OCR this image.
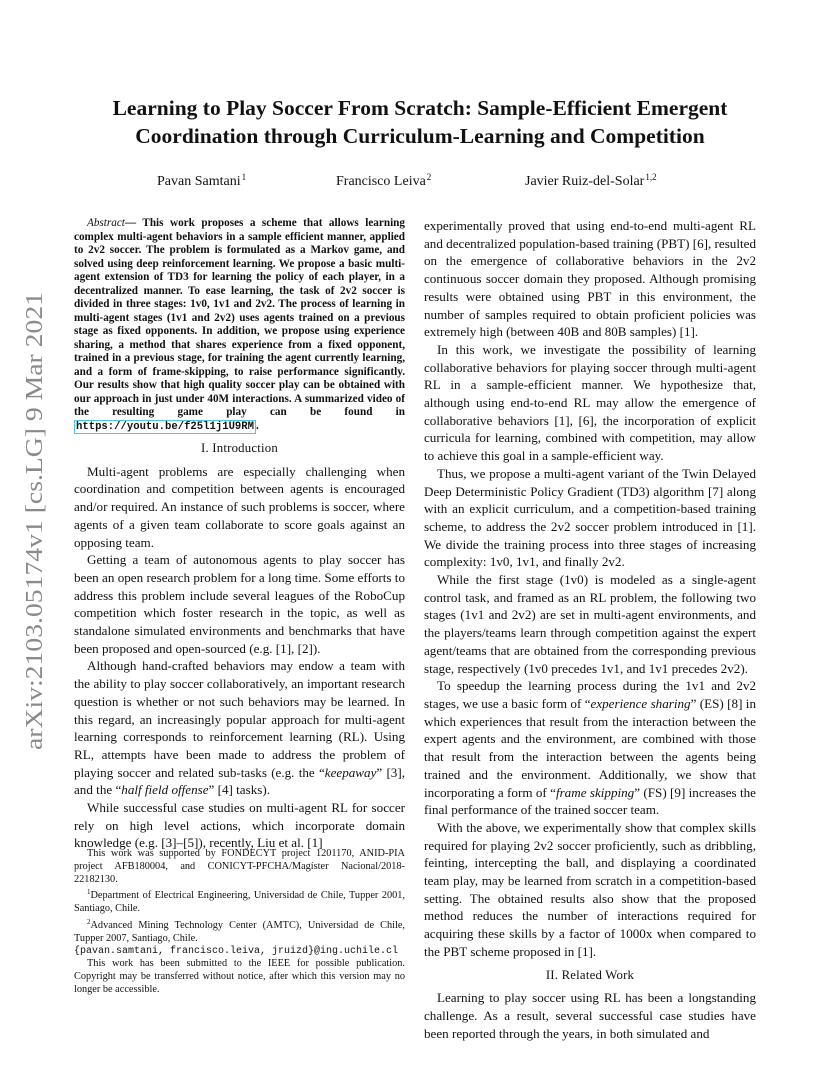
arXiv:2103.05174v1 [cs.LG] 9 Mar 2021
Learning to Play Soccer From Scratch: Sample-Efficient Emergent Coordination through Curriculum-Learning and Competition
Pavan Samtani$^1$	Francisco Leiva$^2$	Javier Ruiz-del-Solar$^{1,2}$

Abstract— This work proposes a scheme that allows learning complex multi-agent behaviors in a sample efficient manner, applied to 2v2 soccer. The problem is formulated as a Markov game, and solved using deep reinforcement learning. We propose a basic multi-agent extension of TD3 for learning the policy of each player, in a decentralized manner. To ease learning, the task of 2v2 soccer is divided in three stages: 1v0, 1v1 and 2v2. The process of learning in multi-agent stages (1v1 and 2v2) uses agents trained on a previous stage as fixed opponents. In addition, we propose using experience sharing, a method that shares experience from a fixed opponent, trained in a previous stage, for training the agent currently learning, and a form of frame-skipping, to raise performance significantly. Our results show that high quality soccer play can be obtained with our approach in just under 40M interactions. A summarized video of the resulting game play can be found in https://youtu.be/f25l1j1U9RM .

I. Introduction

Multi-agent problems are especially challenging when coordination and competition between agents is encouraged and/or required. An instance of such problems is soccer, where agents of a given team collaborate to score goals against an opposing team.

Getting a team of autonomous agents to play soccer has been an open research problem for a long time. Some efforts to address this problem include several leagues of the RoboCup competition which foster research in the topic, as well as standalone simulated environments and benchmarks that have been proposed and open-sourced (e.g. [1], [2]).

Although hand-crafted behaviors may endow a team with the ability to play soccer collaboratively, an important research question is whether or not such behaviors may be learned. In this regard, an increasingly popular approach for multi-agent learning corresponds to reinforcement learning (RL). Using RL, attempts have been made to address the problem of playing soccer and related sub-tasks (e.g. the “keepaway” [3], and the “half field offense” [4] tasks).

While successful case studies on multi-agent RL for soccer rely on high level actions, which incorporate domain knowledge (e.g. [3]–[5]), recently, Liu et al. [1]

This work was supported by FONDECYT project 1201170, ANID-PIA project AFB180004, and CONICYT-PFCHA/Magíster Nacional/2018-22182130.

$^1$Department of Electrical Engineering, Universidad de Chile, Tupper 2001, Santiago, Chile.

$^2$Advanced Mining Technology Center (AMTC), Universidad de Chile, Tupper 2007, Santiago, Chile.

{pavan.samtani, francisco.leiva, jruizd}@ing.uchile.cl

This work has been submitted to the IEEE for possible publication. Copyright may be transferred without notice, after which this version may no longer be accessible.

experimentally proved that using end-to-end multi-agent RL and decentralized population-based training (PBT) [6], resulted on the emergence of collaborative behaviors in the 2v2 continuous soccer domain they proposed. Although promising results were obtained using PBT in this environment, the number of samples required to obtain proficient policies was extremely high (between 40B and 80B samples) [1].

In this work, we investigate the possibility of learning collaborative behaviors for playing soccer through multi-agent RL in a sample-efficient manner. We hypothesize that, although using end-to-end RL may allow the emergence of collaborative behaviors [1], [6], the incorporation of explicit curricula for learning, combined with competition, may allow to achieve this goal in a sample-efficient way.

Thus, we propose a multi-agent variant of the Twin Delayed Deep Deterministic Policy Gradient (TD3) algorithm [7] along with an explicit curriculum, and a competition-based training scheme, to address the 2v2 soccer problem introduced in [1]. We divide the training process into three stages of increasing complexity: 1v0, 1v1, and finally 2v2.

While the first stage (1v0) is modeled as a single-agent control task, and framed as an RL problem, the following two stages (1v1 and 2v2) are set in multi-agent environments, and the players/teams learn through competition against the expert agent/teams that are obtained from the corresponding previous stage, respectively (1v0 precedes 1v1, and 1v1 precedes 2v2).

To speedup the learning process during the 1v1 and 2v2 stages, we use a basic form of “experience sharing” (ES) [8] in which experiences that result from the interaction between the expert agents and the environment, are combined with those that result from the interaction between the agents being trained and the environment. Additionally, we show that incorporating a form of “frame skipping” (FS) [9] increases the final performance of the trained soccer team.

With the above, we experimentally show that complex skills required for playing 2v2 soccer proficiently, such as dribbling, feinting, intercepting the ball, and displaying a coordinated team play, may be learned from scratch in a competition-based setting. The obtained results also show that the proposed method reduces the number of interactions required for acquiring these skills by a factor of 1000x when compared to the PBT scheme proposed in [1].

II. Related Work

Learning to play soccer using RL has been a longstanding challenge. As a result, several successful case studies have been reported through the years, in both simulated and
